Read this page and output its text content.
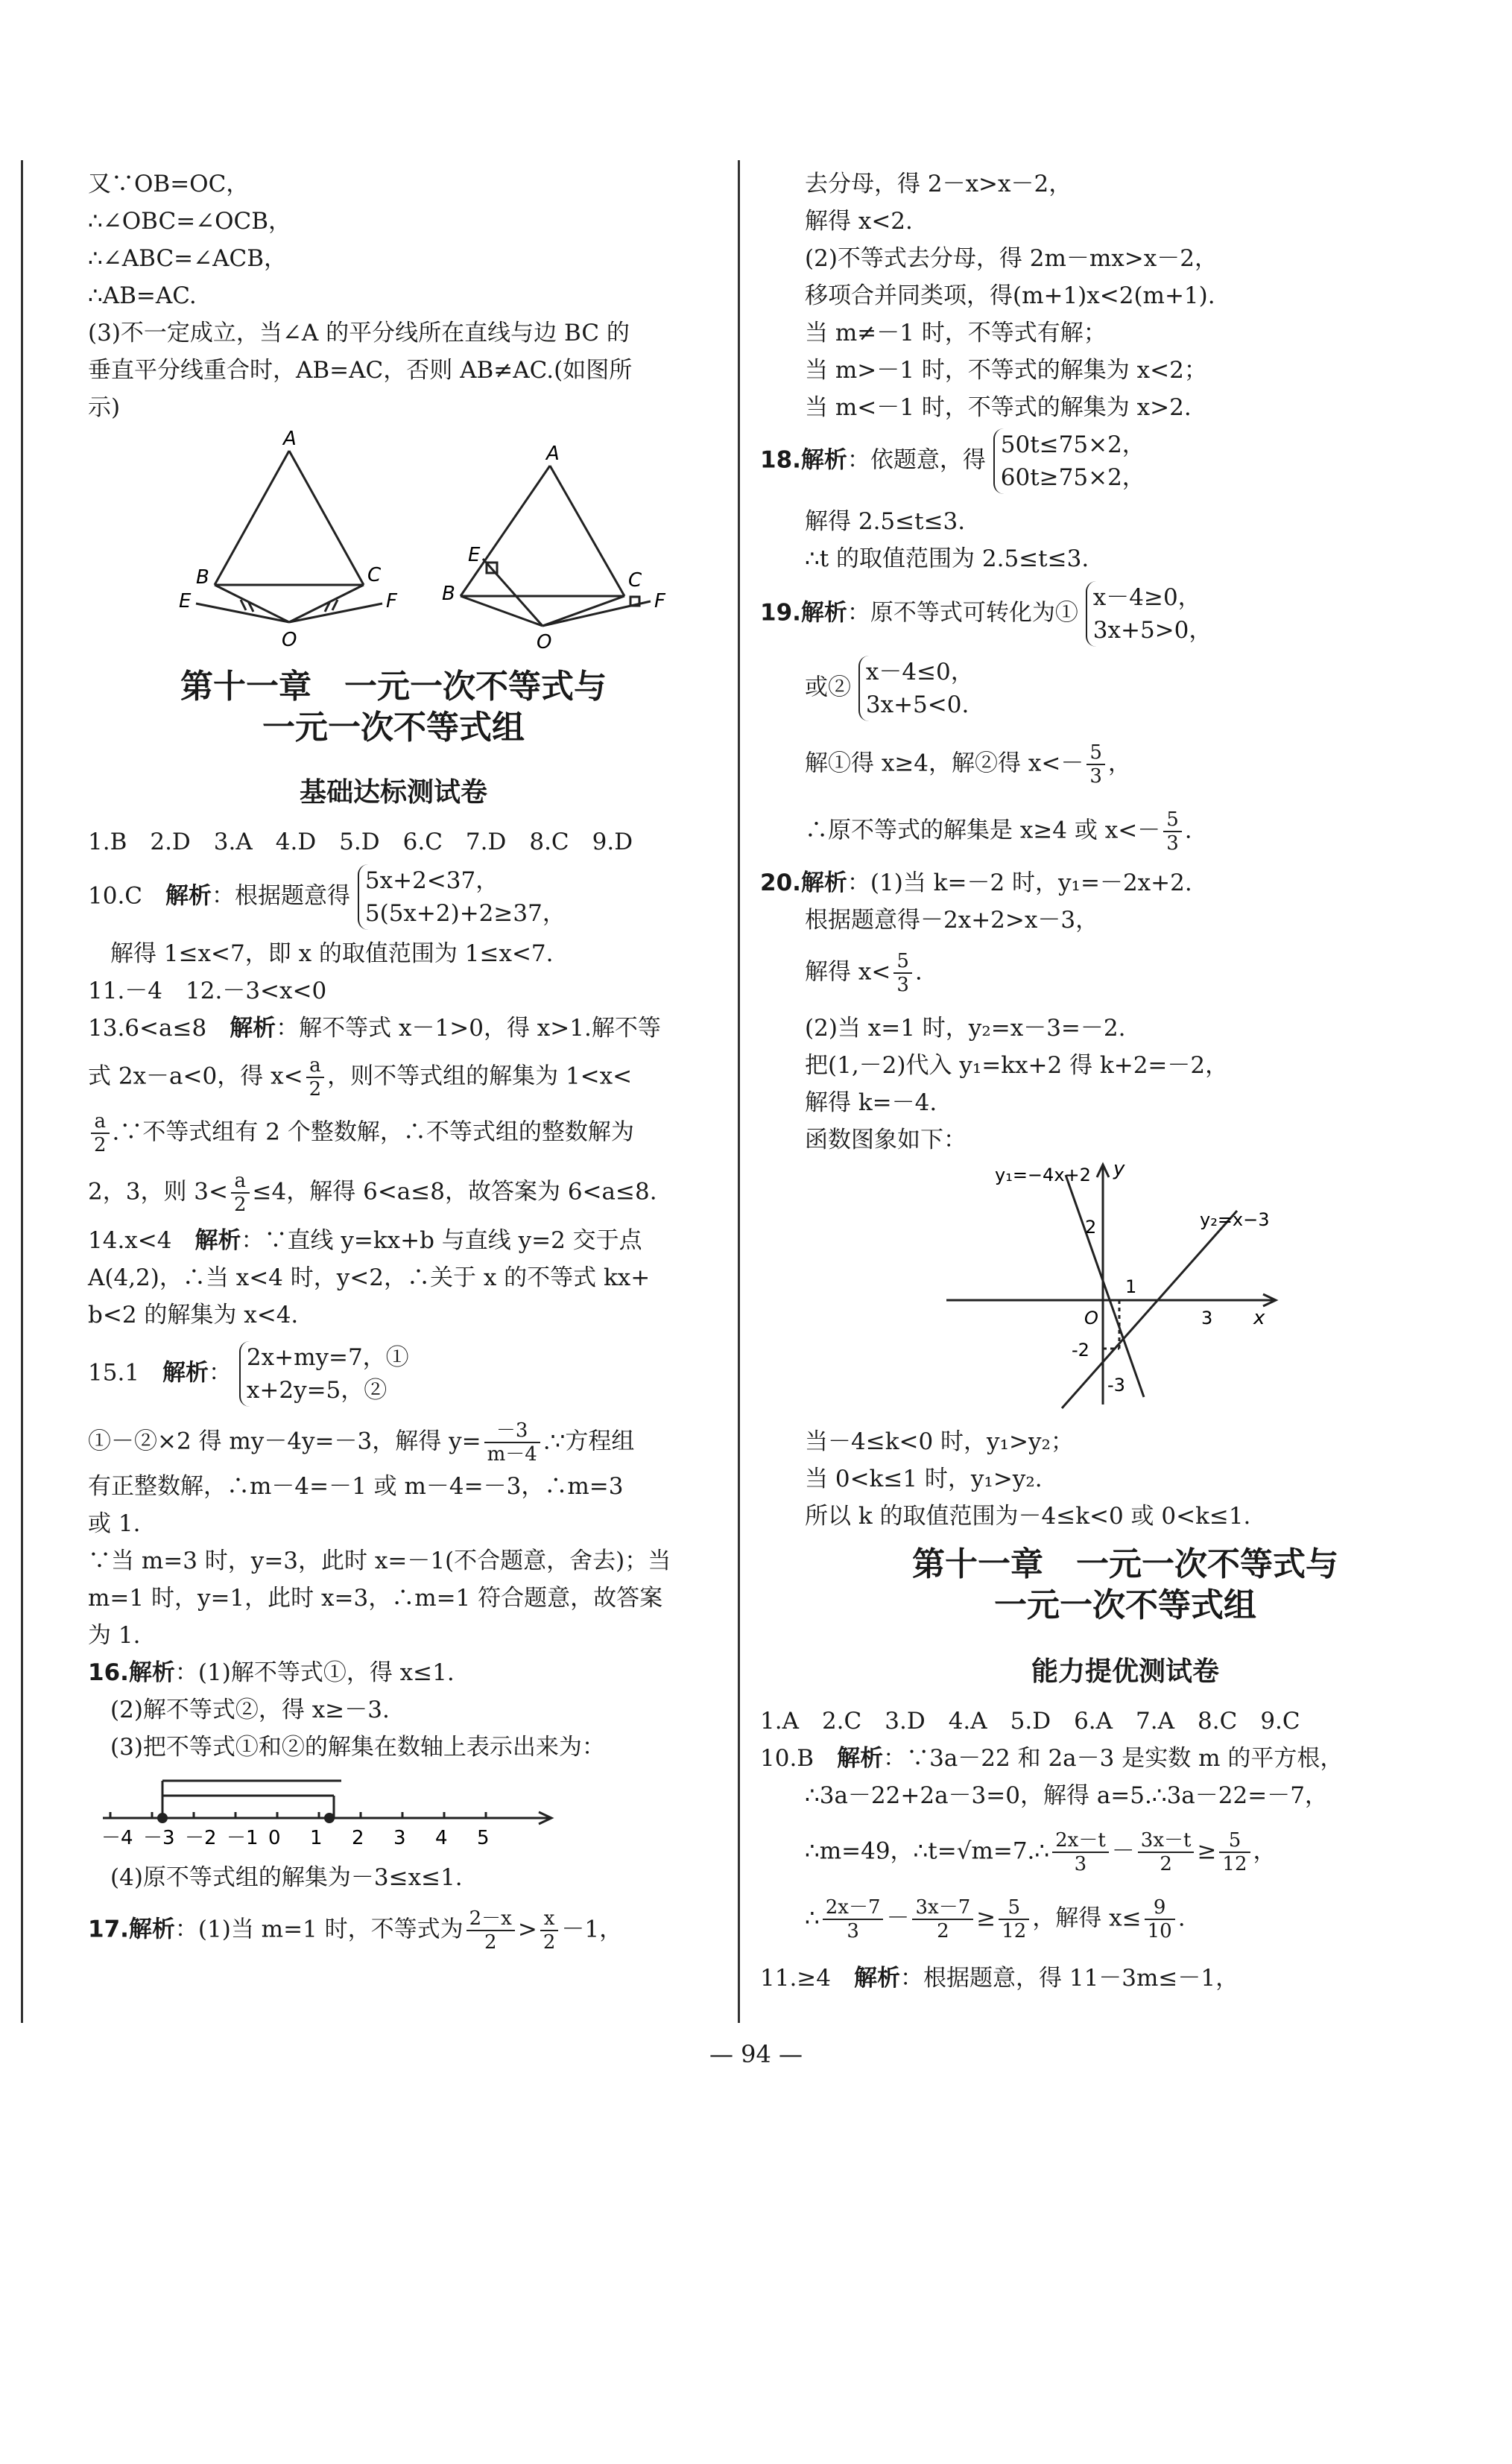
又∵OB=OC，
∴∠OBC=∠OCB，
∴∠ABC=∠ACB，
∴AB=AC.
(3)不一定成立，当∠A 的平分线所在直线与边 BC 的
垂直平分线重合时，AB=AC，否则 AB≠AC.(如图所
示)
A
B	C
E	F
O
A
E
B
C
F
O
第十一章　一元一次不等式与
一元一次不等式组
基础达标测试卷
1.B　2.D　3.A　4.D　5.D　6.C　7.D　8.C　9.D
10.C　解析：根据题意得
5x+2<37，
5(5x+2)+2≥37，
解得 1≤x<7，即 x 的取值范围为 1≤x<7.
11.－4　12.－3<x<0
13.6<a≤8　解析：解不等式 x－1>0，得 x>1.解不等
式 2x－a<0，得 $x< \frac{a}{2}$ ，则不等式组的解集为 1<x<
$\frac{a}{2}$ .∵不等式组有 2 个整数解，∴不等式组的整数解为
2，3，则 $3< \frac{a}{2} \le 4$，解得 6<a≤8，故答案为 6<a≤8.
14.x<4　解析：∵直线 y=kx+b 与直线 y=2 交于点
A(4,2)，∴当 x<4 时，y<2，∴关于 x 的不等式 kx+
b<2 的解集为 x<4.
15.1　解析：
2x+my=7，①
x+2y=5，②
①－②×2 得 my－4y=－3，解得 $y= \frac{-3}{m-4}$ .∵方程组
有正整数解，∴m－4=－1 或 m－4=－3，∴m=3
或 1.
∵当 m=3 时，y=3，此时 x=－1(不合题意，舍去)；当
m=1 时，y=1，此时 x=3，∴m=1 符合题意，故答案
为 1.
16.解析：(1)解不等式①，得 x≤1.
(2)解不等式②，得 x≥－3.
(3)把不等式①和②的解集在数轴上表示出来为：
－4 －3 －2 －1 0 1 2 3 4 5
(4)原不等式组的解集为－3≤x≤1.
17.解析：(1)当 m=1 时，不等式为 $\frac{2-x}{2} > \frac{x}{2} -1$，
去分母，得 2－x>x－2，
解得 x<2.
(2)不等式去分母，得 2m－mx>x－2，
移项合并同类项，得(m+1)x<2(m+1).
当 m≠－1 时，不等式有解；
当 m>－1 时，不等式的解集为 x<2；
当 m<－1 时，不等式的解集为 x>2.
18.解析：依题意，得
50t≤75×2，
60t≥75×2，
解得 2.5≤t≤3.
∴t 的取值范围为 2.5≤t≤3.
19.解析：原不等式可转化为①
x－4≥0，
3x+5>0，
或②
x－4≤0，
3x+5<0.
解①得 x≥4，解②得 $x<- \frac{5}{3}$ ，
∴原不等式的解集是 x≥4 或 $x<- \frac{5}{3}$ .
20.解析：(1)当 k=－2 时，y₁=－2x+2.
根据题意得－2x+2>x－3，
解得 $x< \frac{5}{3}$ .
(2)当 x=1 时，y₂=x－3=－2.
把(1,－2)代入 y₁=kx+2 得 k+2=－2，
解得 k=－4.
函数图象如下：
y₁=−4x+2 y
y₂=x−3
2
1
O	3 x
-2
-3
当－4≤k<0 时，y₁>y₂；
当 0<k≤1 时，y₁>y₂.
所以 k 的取值范围为－4≤k<0 或 0<k≤1.
第十一章　一元一次不等式与
一元一次不等式组
能力提优测试卷
1.A　2.C　3.D　4.A　5.D　6.A　7.A　8.C　9.C
10.B　解析：∵3a－22 和 2a－3 是实数 m 的平方根，
∴3a－22+2a－3=0，解得 a=5.∴3a－22=－7，
∴m=49，∴t=√m=7.∴ $\frac{2x-t}{3} - \frac{3x-t}{2} \ge \frac{5}{12}$ ，
∴ $\frac{2x-7}{3} - \frac{3x-7}{2} \ge \frac{5}{12}$ ，解得 $x\le \frac{9}{10}$ .
11.≥4　解析：根据题意，得 11－3m≤－1，
— 94 —
